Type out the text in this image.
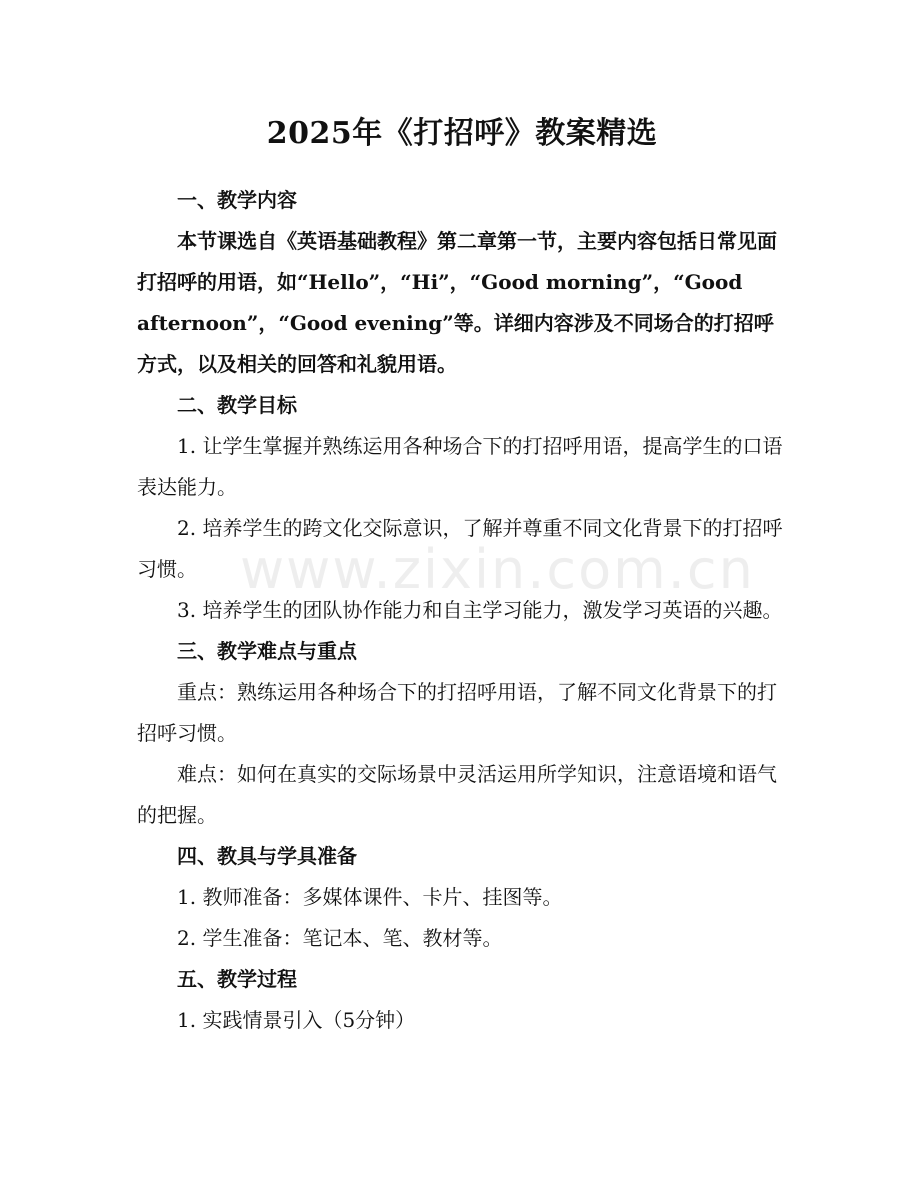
2025年《打招呼》教案精选

一、教学内容

本节课选自《英语基础教程》第二章第一节，主要内容包括日常见面打招呼的用语，如“Hello”，“Hi”，“Good morning”，“Good afternoon”，“Good evening”等。详细内容涉及不同场合的打招呼方式，以及相关的回答和礼貌用语。

二、教学目标

1. 让学生掌握并熟练运用各种场合下的打招呼用语，提高学生的口语表达能力。

2. 培养学生的跨文化交际意识，了解并尊重不同文化背景下的打招呼习惯。

3. 培养学生的团队协作能力和自主学习能力，激发学习英语的兴趣。

三、教学难点与重点

重点：熟练运用各种场合下的打招呼用语，了解不同文化背景下的打招呼习惯。

难点：如何在真实的交际场景中灵活运用所学知识，注意语境和语气的把握。

四、教具与学具准备

1. 教师准备：多媒体课件、卡片、挂图等。

2. 学生准备：笔记本、笔、教材等。

五、教学过程

1. 实践情景引入（5分钟）

www.zixin.com.cn
